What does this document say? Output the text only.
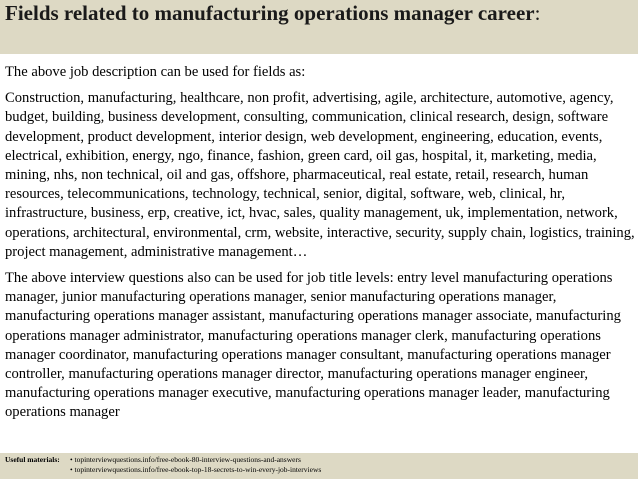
Fields related to manufacturing operations manager career:

The above job description can be used for fields as:

Construction, manufacturing, healthcare, non profit, advertising, agile, architecture, automotive, agency, budget, building, business development, consulting, communication, clinical research, design, software development, product development, interior design, web development, engineering, education, events, electrical, exhibition, energy, ngo, finance, fashion, green card, oil gas, hospital, it, marketing, media, mining, nhs, non technical, oil and gas, offshore, pharmaceutical, real estate, retail, research, human resources, telecommunications, technology, technical, senior, digital, software, web, clinical, hr, infrastructure, business, erp, creative, ict, hvac, sales, quality management, uk, implementation, network, operations, architectural, environmental, crm, website, interactive, security, supply chain, logistics, training, project management, administrative management…

The above interview questions also can be used for job title levels: entry level manufacturing operations manager, junior manufacturing operations manager, senior manufacturing operations manager, manufacturing operations manager assistant, manufacturing operations manager associate, manufacturing operations manager administrator, manufacturing operations manager clerk, manufacturing operations manager coordinator, manufacturing operations manager consultant, manufacturing operations manager controller, manufacturing operations manager director, manufacturing operations manager engineer, manufacturing operations manager executive, manufacturing operations manager leader, manufacturing operations manager

Useful materials: • topinterviewquestions.info/free-ebook-80-interview-questions-and-answers
• topinterviewquestions.info/free-ebook-top-18-secrets-to-win-every-job-interviews
